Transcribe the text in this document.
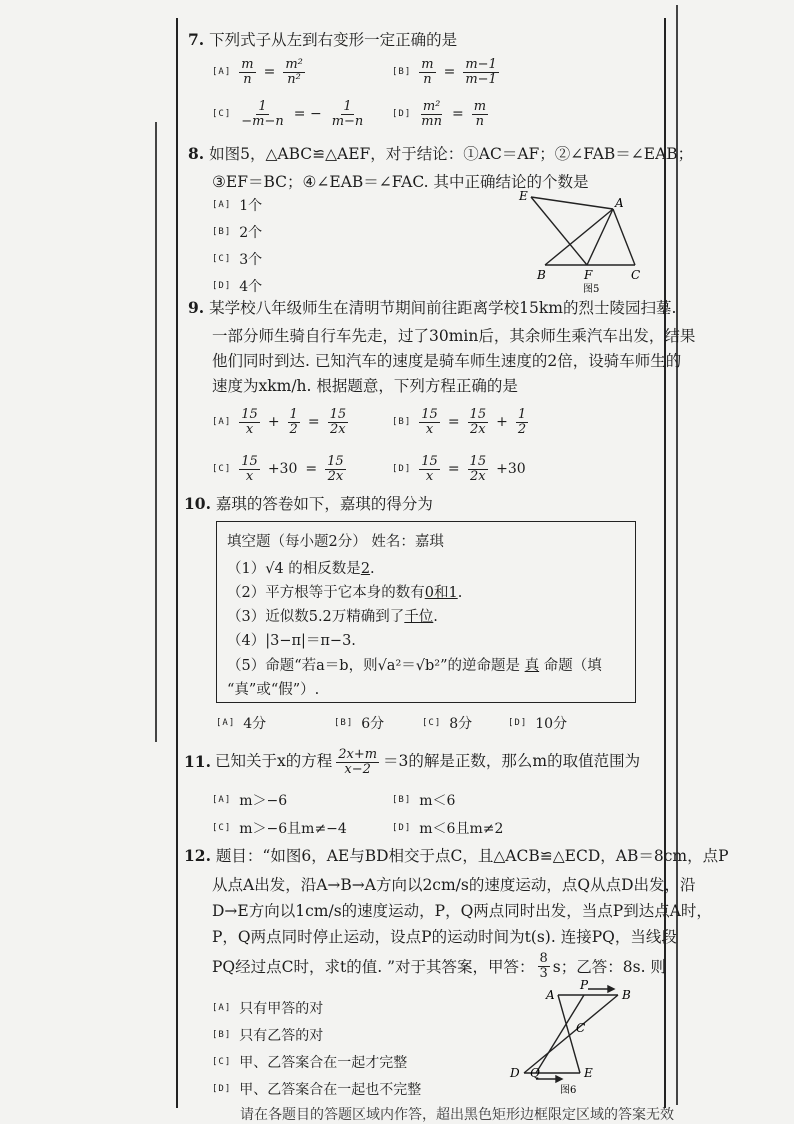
7. 下列式子从左到右变形一定正确的是
$[A] \frac{m}{n} = \frac{\text{m²}}{\text{n²}}$	$[B] \frac{m}{n} = \frac{m-1}{m-1}$
$[C] \frac{1}{-m-n}$ = − $\frac{1}{m-n}$	$[D] \frac{\text{m²}}{mn} = \frac{m}{n}$
8. 如图5，△ABC≌△AEF，对于结论：①AC＝AF；②∠FAB＝∠EAB；
③EF＝BC；④∠EAB＝∠FAC. 其中正确结论的个数是
[A] 1个
[B] 2个
[C] 3个
[D] 4个
E	A
B	F	C
图5
9. 某学校八年级师生在清明节期间前往距离学校15km的烈士陵园扫墓.
一部分师生骑自行车先走，过了30min后，其余师生乘汽车出发，结果
他们同时到达. 已知汽车的速度是骑车师生速度的2倍，设骑车师生的
速度为xkm/h. 根据题意，下列方程正确的是
$[A] \frac{15}{x} + \frac{1}{2} = \frac{15}{2x}$	$[B] \frac{15}{x} = \frac{15}{2x} + \frac{1}{2}$
$[C] \frac{15}{x} +30 = \frac{15}{2x}$	$[D] \frac{15}{x} = \frac{15}{2x} +30$
10. 嘉琪的答卷如下，嘉琪的得分为
填空题（每小题2分） 姓名：嘉琪
（1）√4 的相反数是2.
（2）平方根等于它本身的数有0和1.
（3）近似数5.2万精确到了千位.
（4）|3−π|＝π−3.
（5）命题“若a＝b，则√a²＝√b²”的逆命题是 真 命题（填
“真”或“假”）.
[A] 4分	[B] 6分	[C] 8分	[D] 10分
11. 已知关于x的方程 $\frac{2x+m}{x-2} =3$的解是正数，那么m的取值范围为
[A] m＞−6	[B] m＜6
[C] m＞−6且m≠−4	[D] m＜6且m≠2
12. 题目：“如图6，AE与BD相交于点C，且△ACB≌△ECD，AB＝8cm，点P
从点A出发，沿A→B→A方向以2cm/s的速度运动，点Q从点D出发，沿
D→E方向以1cm/s的速度运动，P，Q两点同时出发，当点P到达点A时，
P，Q两点同时停止运动，设点P的运动时间为t(s). 连接PQ，当线段
PQ经过点C时，求t的值. ”对于其答案，甲答： $\frac{8}{3}$ s；乙答：8s. 则
[A] 只有甲答的对
[B] 只有乙答的对
[C] 甲、乙答案合在一起才完整
[D] 甲、乙答案合在一起也不完整
A
P
B
C
D Q	E
图6
请在各题目的答题区域内作答，超出黑色矩形边框限定区域的答案无效
